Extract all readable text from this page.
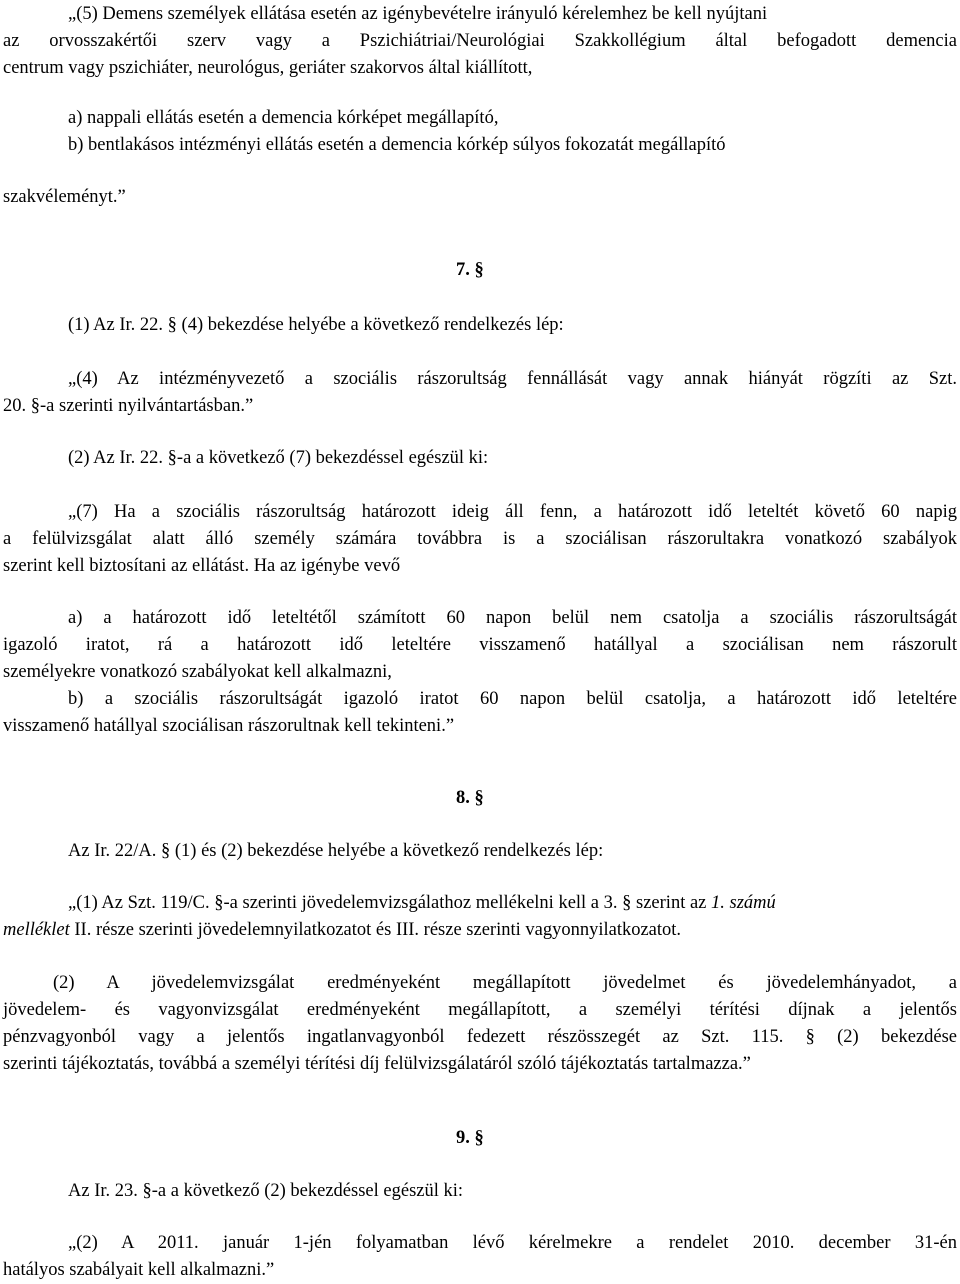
„(5) Demens személyek ellátása esetén az igénybevételre irányuló kérelemhez be kell nyújtani
az orvosszakértői szerv vagy a Pszichiátriai/Neurológiai Szakkollégium által befogadott demencia
centrum vagy pszichiáter, neurológus, geriáter szakorvos által kiállított,
a) nappali ellátás esetén a demencia kórképet megállapító,
b) bentlakásos intézményi ellátás esetén a demencia kórkép súlyos fokozatát megállapító
szakvéleményt.”
7. §
(1) Az Ir. 22. § (4) bekezdése helyébe a következő rendelkezés lép:
„(4) Az intézményvezető a szociális rászorultság fennállását vagy annak hiányát rögzíti az Szt.
20. §-a szerinti nyilvántartásban.”
(2) Az Ir. 22. §-a a következő (7) bekezdéssel egészül ki:
„(7) Ha a szociális rászorultság határozott ideig áll fenn, a határozott idő leteltét követő 60 napig
a felülvizsgálat alatt álló személy számára továbbra is a szociálisan rászorultakra vonatkozó szabályok
szerint kell biztosítani az ellátást. Ha az igénybe vevő
a) a határozott idő leteltétől számított 60 napon belül nem csatolja a szociális rászorultságát
igazoló iratot, rá a határozott idő leteltére visszamenő hatállyal a szociálisan nem rászorult
személyekre vonatkozó szabályokat kell alkalmazni,
b) a szociális rászorultságát igazoló iratot 60 napon belül csatolja, a határozott idő leteltére
visszamenő hatállyal szociálisan rászorultnak kell tekinteni.”
8. §
Az Ir. 22/A. § (1) és (2) bekezdése helyébe a következő rendelkezés lép:
„(1) Az Szt. 119/C. §-a szerinti jövedelemvizsgálathoz mellékelni kell a 3. § szerint az 1. számú
melléklet II. része szerinti jövedelemnyilatkozatot és III. része szerinti vagyonnyilatkozatot.
(2) A jövedelemvizsgálat eredményeként megállapított jövedelmet és jövedelemhányadot, a
jövedelem- és vagyonvizsgálat eredményeként megállapított, a személyi térítési díjnak a jelentős
pénzvagyonból vagy a jelentős ingatlanvagyonból fedezett részösszegét az Szt. 115. § (2) bekezdése
szerinti tájékoztatás, továbbá a személyi térítési díj felülvizsgálatáról szóló tájékoztatás tartalmazza.”
9. §
Az Ir. 23. §-a a következő (2) bekezdéssel egészül ki:
„(2) A 2011. január 1-jén folyamatban lévő kérelmekre a rendelet 2010. december 31-én
hatályos szabályait kell alkalmazni.”
